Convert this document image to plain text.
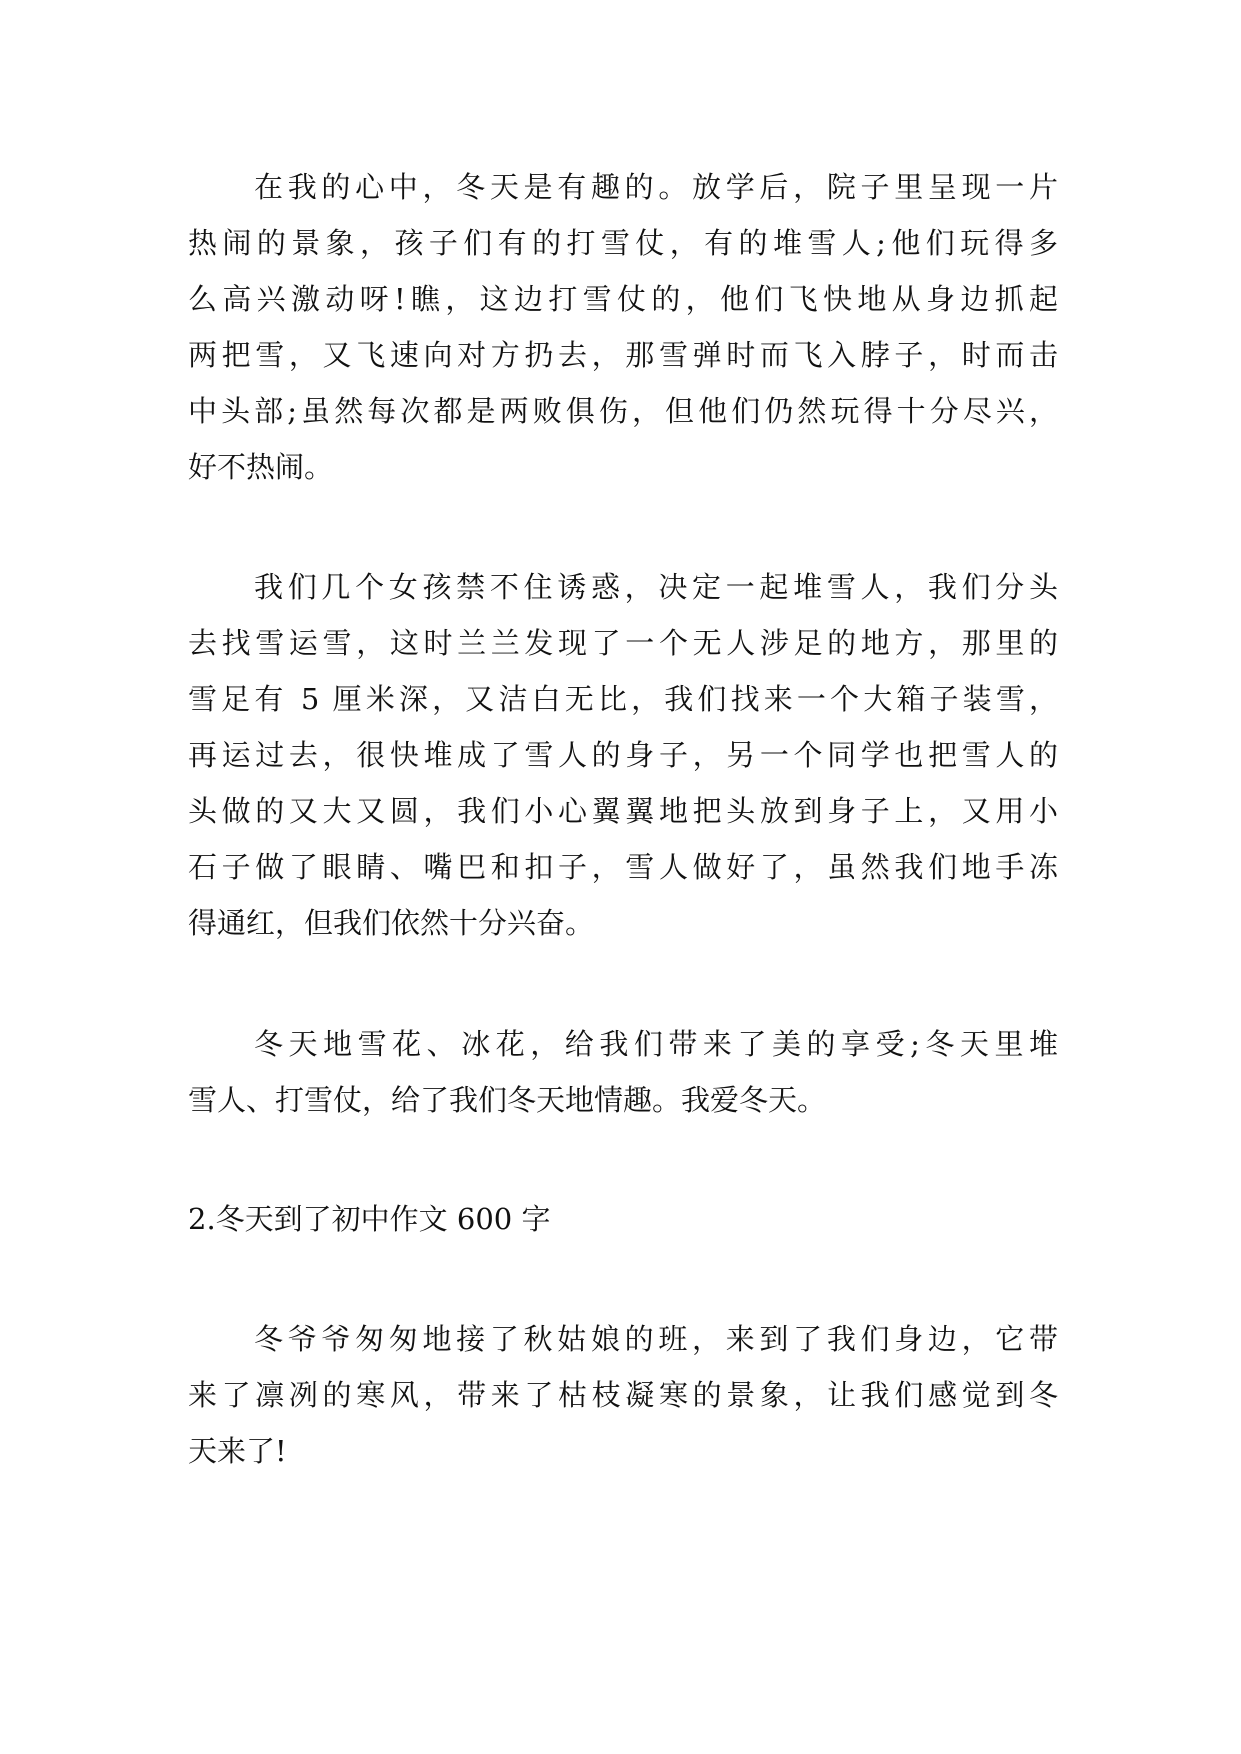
在我的心中，冬天是有趣的。放学后，院子里呈现一片
热闹的景象，孩子们有的打雪仗，有的堆雪人;他们玩得多
么高兴激动呀!瞧，这边打雪仗的，他们飞快地从身边抓起
两把雪，又飞速向对方扔去，那雪弹时而飞入脖子，时而击
中头部;虽然每次都是两败俱伤，但他们仍然玩得十分尽兴，
好不热闹。
我们几个女孩禁不住诱惑，决定一起堆雪人，我们分头
去找雪运雪，这时兰兰发现了一个无人涉足的地方，那里的
雪足有 5 厘米深，又洁白无比，我们找来一个大箱子装雪，
再运过去，很快堆成了雪人的身子，另一个同学也把雪人的
头做的又大又圆，我们小心翼翼地把头放到身子上，又用小
石子做了眼睛、嘴巴和扣子，雪人做好了，虽然我们地手冻
得通红，但我们依然十分兴奋。
冬天地雪花、冰花，给我们带来了美的享受;冬天里堆
雪人、打雪仗，给了我们冬天地情趣。我爱冬天。
2.冬天到了初中作文 600 字
冬爷爷匆匆地接了秋姑娘的班，来到了我们身边，它带
来了凛冽的寒风，带来了枯枝凝寒的景象，让我们感觉到冬
天来了!
